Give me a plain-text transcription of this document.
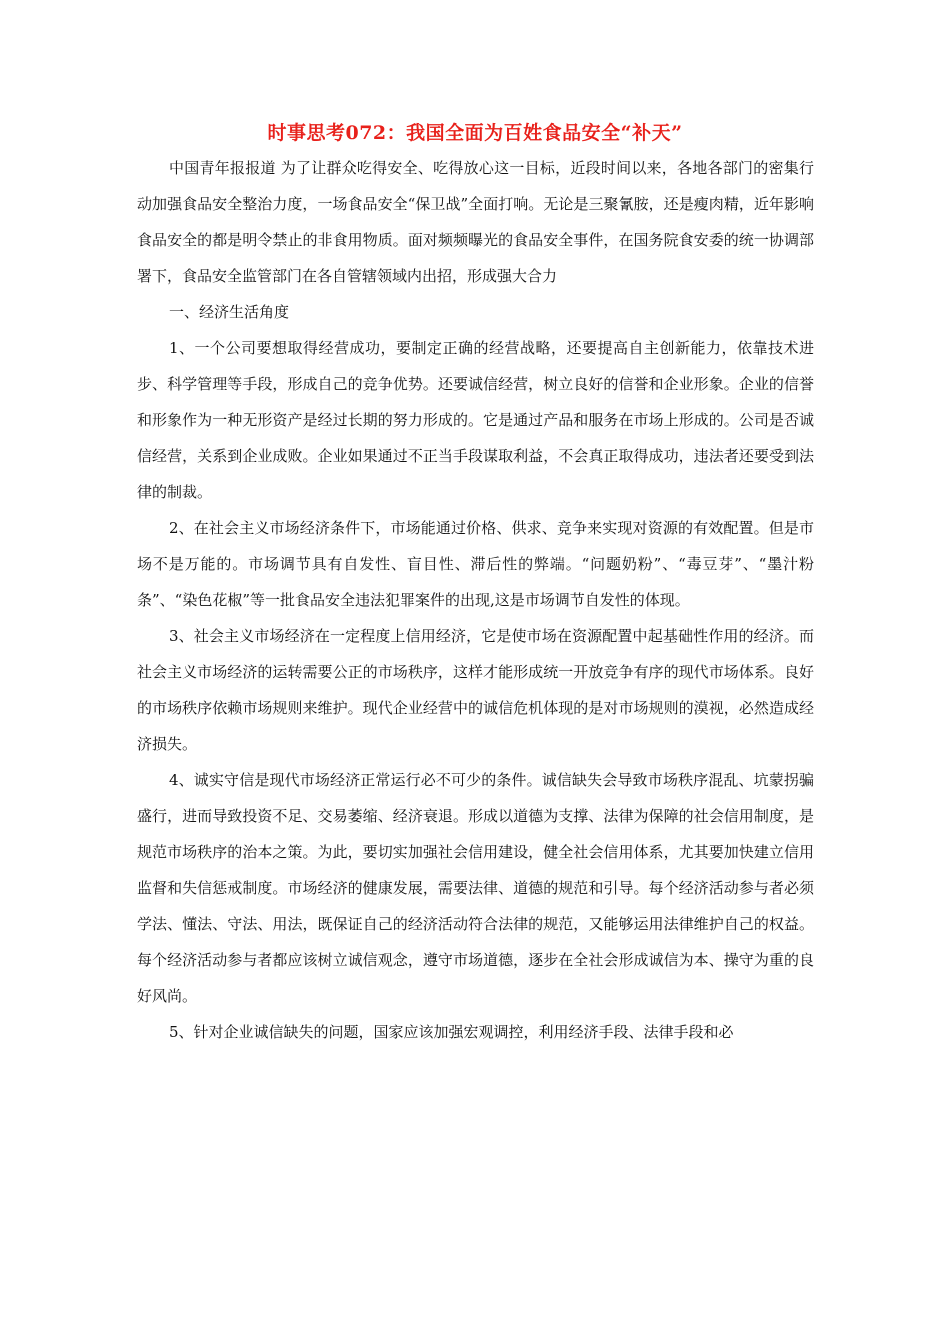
时事思考072：我国全面为百姓食品安全“补天”

中国青年报报道 为了让群众吃得安全、吃得放心这一目标，近段时间以来，各地各部门的密集行动加强食品安全整治力度，一场食品安全“保卫战”全面打响。无论是三聚氰胺，还是瘦肉精，近年影响食品安全的都是明令禁止的非食用物质。面对频频曝光的食品安全事件，在国务院食安委的统一协调部署下，食品安全监管部门在各自管辖领域内出招，形成强大合力

一、经济生活角度

1、一个公司要想取得经营成功，要制定正确的经营战略，还要提高自主创新能力，依靠技术进步、科学管理等手段，形成自己的竞争优势。还要诚信经营，树立良好的信誉和企业形象。企业的信誉和形象作为一种无形资产是经过长期的努力形成的。它是通过产品和服务在市场上形成的。公司是否诚信经营，关系到企业成败。企业如果通过不正当手段谋取利益，不会真正取得成功，违法者还要受到法律的制裁。

2、在社会主义市场经济条件下，市场能通过价格、供求、竞争来实现对资源的有效配置。但是市场不是万能的。市场调节具有自发性、盲目性、滞后性的弊端。“问题奶粉”、“毒豆芽”、“墨汁粉条”、“染色花椒”等一批食品安全违法犯罪案件的出现,这是市场调节自发性的体现。

3、社会主义市场经济在一定程度上信用经济，它是使市场在资源配置中起基础性作用的经济。而社会主义市场经济的运转需要公正的市场秩序，这样才能形成统一开放竞争有序的现代市场体系。良好的市场秩序依赖市场规则来维护。现代企业经营中的诚信危机体现的是对市场规则的漠视，必然造成经济损失。

4、诚实守信是现代市场经济正常运行必不可少的条件。诚信缺失会导致市场秩序混乱、坑蒙拐骗盛行，进而导致投资不足、交易萎缩、经济衰退。形成以道德为支撑、法律为保障的社会信用制度，是规范市场秩序的治本之策。为此，要切实加强社会信用建设，健全社会信用体系，尤其要加快建立信用监督和失信惩戒制度。市场经济的健康发展，需要法律、道德的规范和引导。每个经济活动参与者必须学法、懂法、守法、用法，既保证自己的经济活动符合法律的规范，又能够运用法律维护自己的权益。每个经济活动参与者都应该树立诚信观念，遵守市场道德，逐步在全社会形成诚信为本、操守为重的良好风尚。

5、针对企业诚信缺失的问题，国家应该加强宏观调控，利用经济手段、法律手段和必
